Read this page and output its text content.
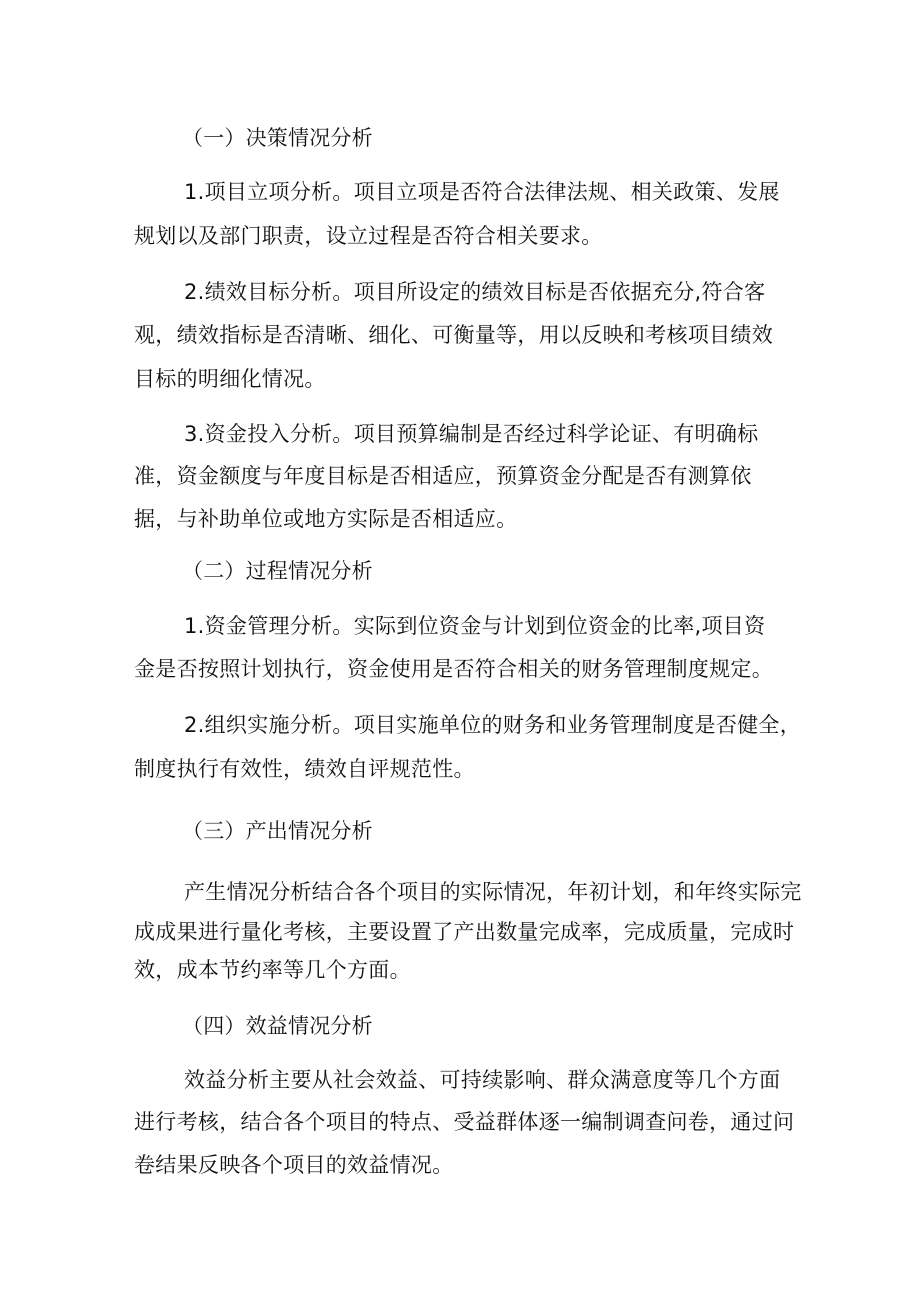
（一）决策情况分析
1.项目立项分析。项目立项是否符合法律法规、相关政策、发展
规划以及部门职责，设立过程是否符合相关要求。
2.绩效目标分析。项目所设定的绩效目标是否依据充分,符合客
观，绩效指标是否清晰、细化、可衡量等，用以反映和考核项目绩效
目标的明细化情况。
3.资金投入分析。项目预算编制是否经过科学论证、有明确标
准，资金额度与年度目标是否相适应，预算资金分配是否有测算依
据，与补助单位或地方实际是否相适应。
（二）过程情况分析
1.资金管理分析。实际到位资金与计划到位资金的比率,项目资
金是否按照计划执行，资金使用是否符合相关的财务管理制度规定。
2.组织实施分析。项目实施单位的财务和业务管理制度是否健全，
制度执行有效性，绩效自评规范性。
（三）产出情况分析
产生情况分析结合各个项目的实际情况，年初计划，和年终实际完
成成果进行量化考核，主要设置了产出数量完成率，完成质量，完成时
效，成本节约率等几个方面。
（四）效益情况分析
效益分析主要从社会效益、可持续影响、群众满意度等几个方面
进行考核，结合各个项目的特点、受益群体逐一编制调查问卷，通过问
卷结果反映各个项目的效益情况。
